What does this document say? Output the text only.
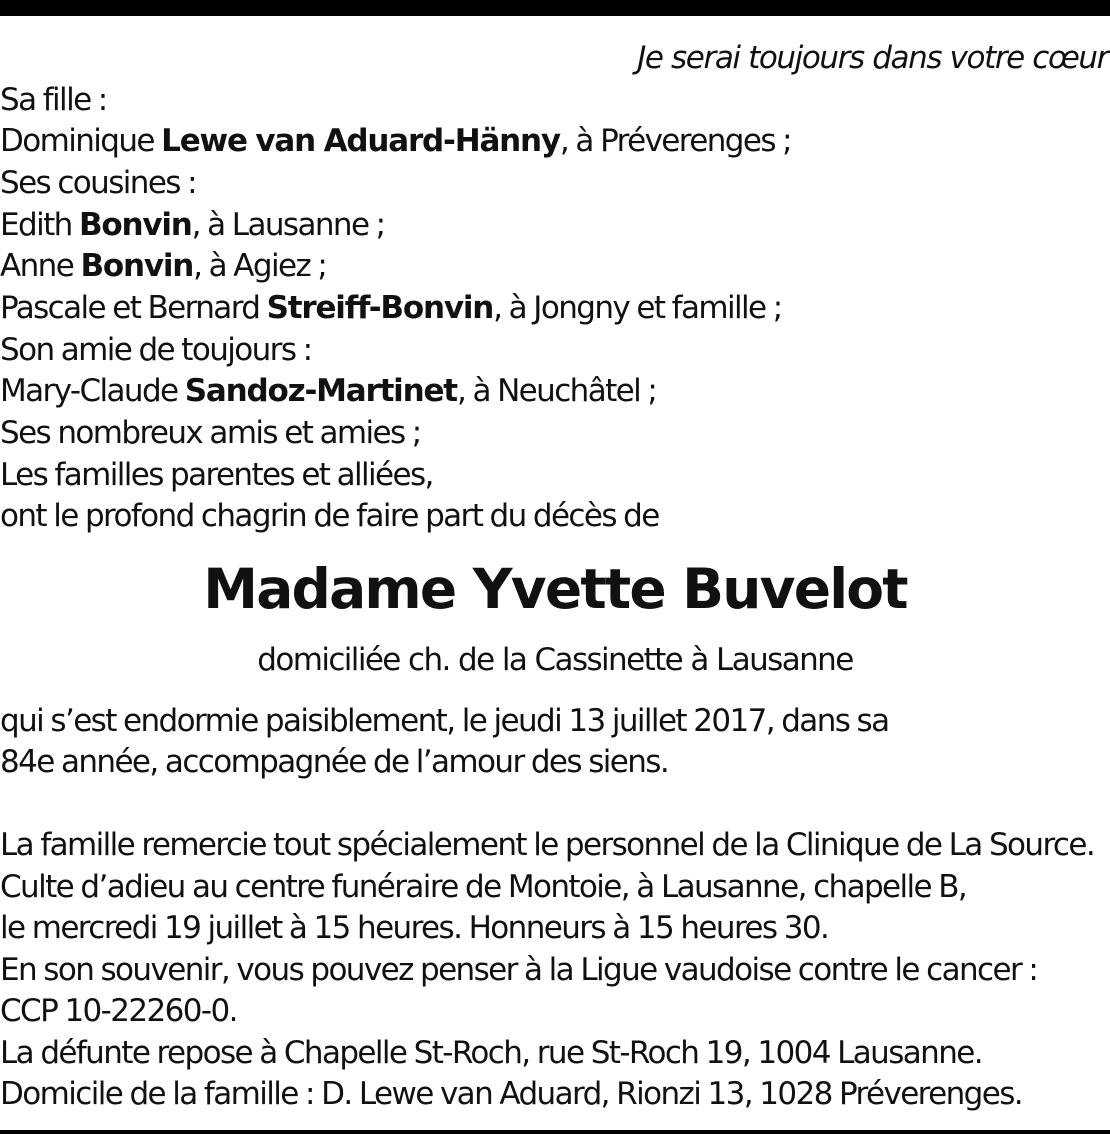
Je serai toujours dans votre cœur
Sa fille :
Dominique Lewe van Aduard-Hänny, à Préverenges ;
Ses cousines :
Edith Bonvin, à Lausanne ;
Anne Bonvin, à Agiez ;
Pascale et Bernard Streiff-Bonvin, à Jongny et famille ;
Son amie de toujours :
Mary-Claude Sandoz-Martinet, à Neuchâtel ;
Ses nombreux amis et amies ;
Les familles parentes et alliées,
ont le profond chagrin de faire part du décès de
Madame Yvette Buvelot
domiciliée ch. de la Cassinette à Lausanne
qui s’est endormie paisiblement, le jeudi 13 juillet 2017, dans sa
84e année, accompagnée de l’amour des siens.
La famille remercie tout spécialement le personnel de la Clinique de La Source.
Culte d’adieu au centre funéraire de Montoie, à Lausanne, chapelle B,
le mercredi 19 juillet à 15 heures. Honneurs à 15 heures 30.
En son souvenir, vous pouvez penser à la Ligue vaudoise contre le cancer :
CCP 10-22260-0.
La défunte repose à Chapelle St-Roch, rue St-Roch 19, 1004 Lausanne.
Domicile de la famille : D. Lewe van Aduard, Rionzi 13, 1028 Préverenges.
